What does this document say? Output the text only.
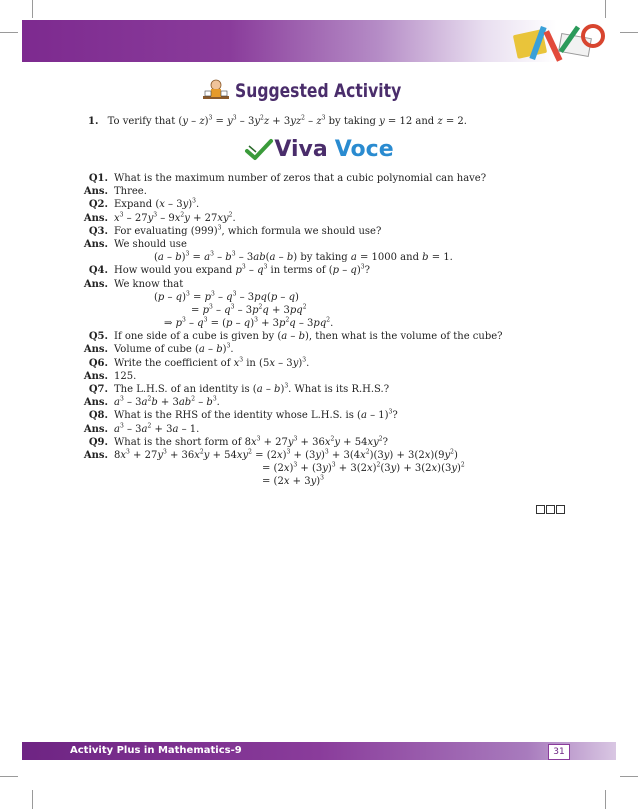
Suggested Activity
1. To verify that $(y - z)^3 = y^3 - 3y^2z + 3yz^2 - z^3$ by taking y = 12 and z = 2.
Viva Voce
Q1. What is the maximum number of zeros that a cubic polynomial can have?
Ans. Three.
Q2. Expand (x – 3y)$^3$.
Ans. $x^3 - 27y^3 - 9x^2y + 27xy^2$.
Q3. For evaluating $(999)^3$, which formula we should use?
Ans. We should use
$(a - b)^3 = a^3 - b^3 - 3ab(a - b)$ by taking a = 1000 and b = 1.
Q4. How would you expand $p^3 - q^3$ in terms of (p – q)$^3$?
Ans. We know that
$(p - q)^3 = p^3 - q^3 - 3pq(p - q)$
= $p^3 - q^3 - 3p^2q + 3pq^2$
⇒ $p^3 - q^3 = (p - q)^3 + 3p^2q - 3pq^2$.
Q5. If one side of a cube is given by (a – b), then what is the volume of the cube?
Ans. Volume of cube (a – b)$^3$.
Q6. Write the coefficient of $x^3$ in (5x – 3y)$^3$.
Ans. 125.
Q7. The L.H.S. of an identity is (a – b)$^3$. What is its R.H.S.?
Ans. $a^3 - 3a^2b + 3ab^2 - b^3$.
Q8. What is the RHS of the identity whose L.H.S. is (a – 1)$^3$?
Ans. $a^3 - 3a^2 + 3a - 1$.
Q9. What is the short form of $8x^3 + 27y^3 + 36x^2y + 54xy^2$?
Ans. $8x^3 + 27y^3 + 36x^2y + 54xy^2 = (2x)^3 + (3y)^3 + 3(4x^2)(3y) + 3(2x)(9y^2)$
= $(2x)^3 + (3y)^3 + 3(2x)^2(3y) + 3(2x)(3y)^2$
= $(2x + 3y)^3$
Activity Plus in Mathematics-9	31
